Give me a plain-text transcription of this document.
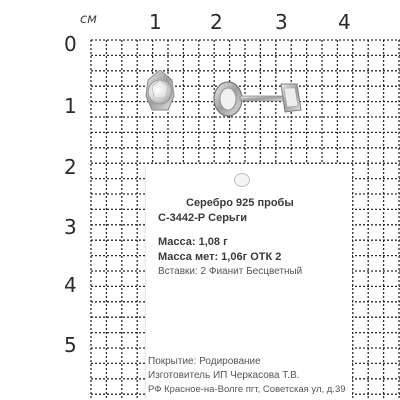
см	1 2	3	4
0
1
2
3
4
5
Серебро 925 пробы
С-3442-Р Серьги
Масса: 1,08 г
Масса мет: 1,06г ОТК 2
Вставки: 2 Фианит Бесцветный
Покрытие: Родирование
Изготовитель ИП Черкасова Т.В.
РФ Красное-на-Волге пгт, Советская ул, д.39
